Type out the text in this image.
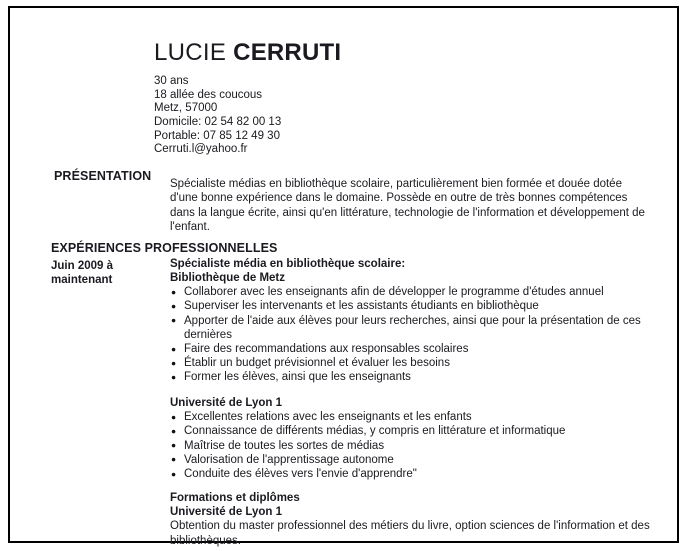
LUCIE CERRUTI
30 ans
18 allée des coucous
Metz, 57000
Domicile: 02 54 82 00 13
Portable: 07 85 12 49 30
Cerruti.l@yahoo.fr
PRÉSENTATION
Spécialiste médias en bibliothèque scolaire, particulièrement bien formée et douée dotée d'une bonne expérience dans le domaine. Possède en outre de très bonnes compétences dans la langue écrite, ainsi qu'en littérature, technologie de l'information et développement de l'enfant.
EXPÉRIENCES PROFESSIONNELLES
Juin 2009 à
maintenant
Spécialiste média en bibliothèque scolaire:
Bibliothèque de Metz
● Collaborer avec les enseignants afin de développer le programme d'études annuel
● Superviser les intervenants et les assistants étudiants en bibliothèque
● Apporter de l'aide aux élèves pour leurs recherches, ainsi que pour la présentation de ces dernières
● Faire des recommandations aux responsables scolaires
● Établir un budget prévisionnel et évaluer les besoins
● Former les élèves, ainsi que les enseignants
Université de Lyon 1
● Excellentes relations avec les enseignants et les enfants
● Connaissance de différents médias, y compris en littérature et informatique
● Maîtrise de toutes les sortes de médias
● Valorisation de l'apprentissage autonome
● Conduite des élèves vers l'envie d'apprendre"
Formations et diplômes
Université de Lyon 1
Obtention du master professionnel des métiers du livre, option sciences de l'information et des bibliothèques.
